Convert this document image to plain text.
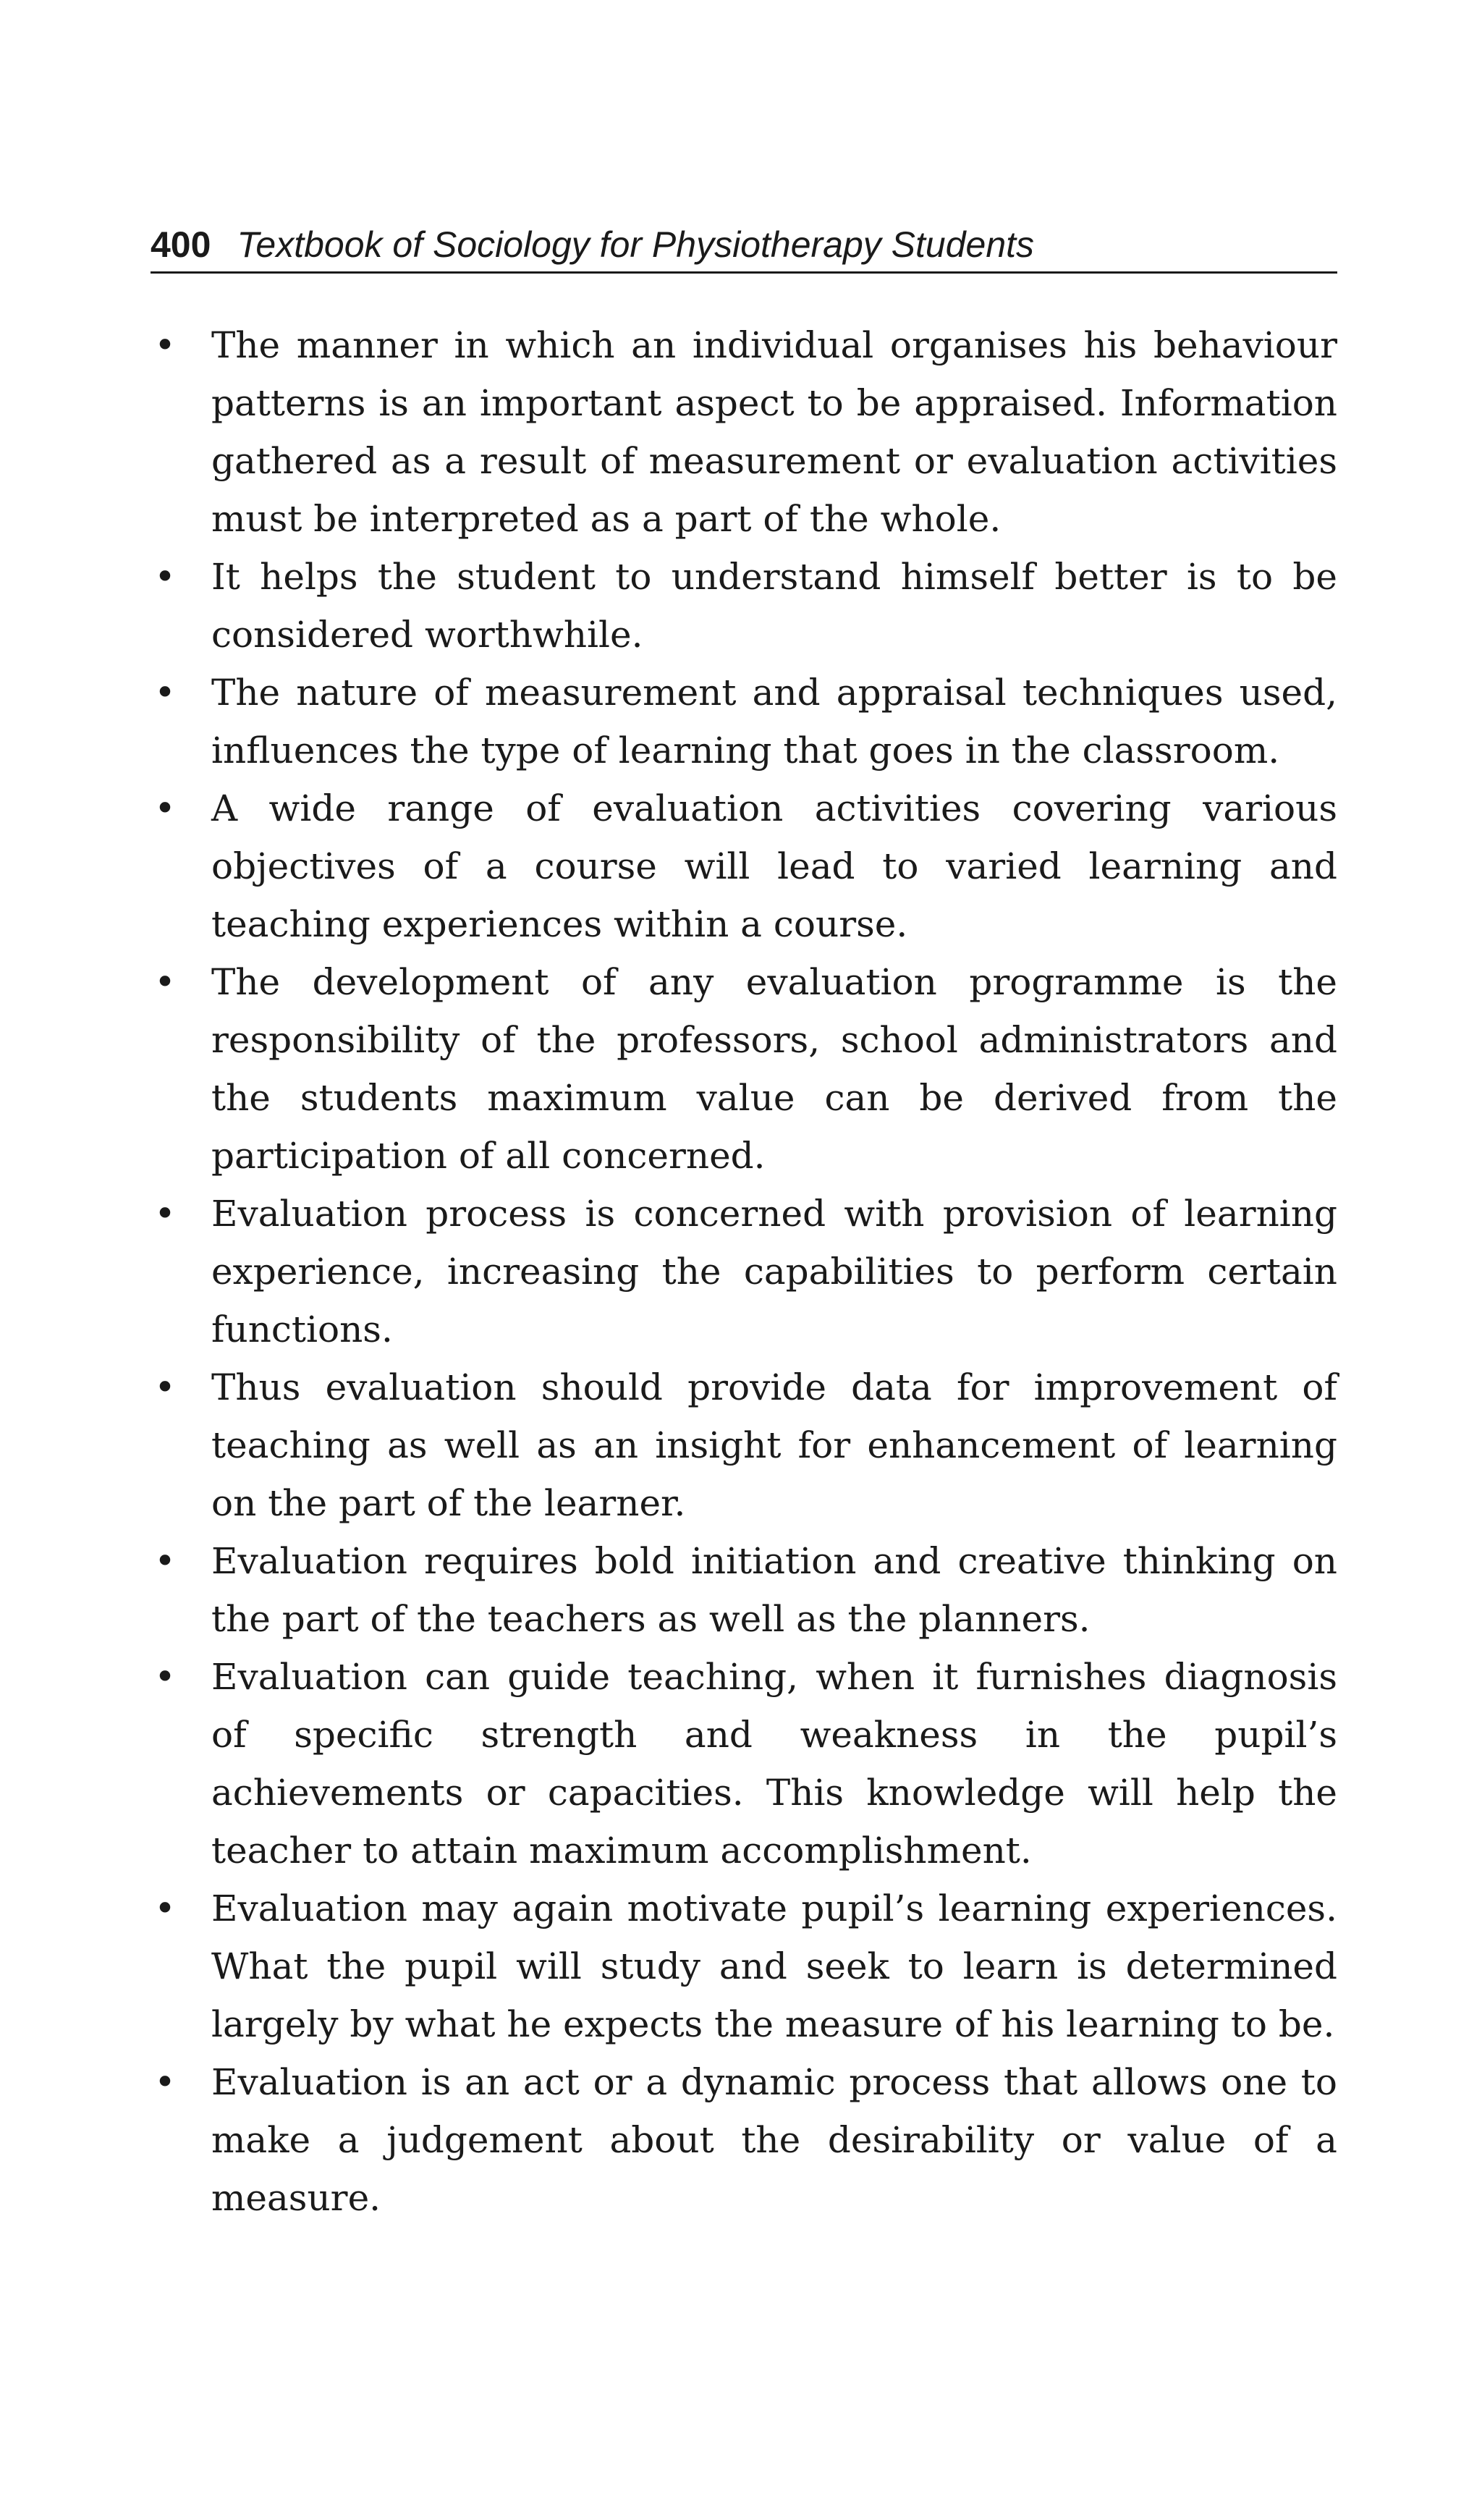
400 Textbook of Sociology for Physiotherapy Students
• The manner in which an individual organises his behaviour patterns is an important aspect to be appraised. Information gathered as a result of measurement or evaluation activities must be interpreted as a part of the whole.
• It helps the student to understand himself better is to be considered worthwhile.
• The nature of measurement and appraisal techniques used, influences the type of learning that goes in the classroom.
• A wide range of evaluation activities covering various objectives of a course will lead to varied learning and teaching experiences within a course.
• The development of any evaluation programme is the responsibility of the professors, school administrators and the students maximum value can be derived from the participation of all concerned.
• Evaluation process is concerned with provision of learning experience, increasing the capabilities to perform certain functions.
• Thus evaluation should provide data for improvement of teaching as well as an insight for enhancement of learning on the part of the learner.
• Evaluation requires bold initiation and creative thinking on the part of the teachers as well as the planners.
• Evaluation can guide teaching, when it furnishes diagnosis of specific strength and weakness in the pupil’s achievements or capacities. This knowledge will help the teacher to attain maximum accomplishment.
• Evaluation may again motivate pupil’s learning experiences. What the pupil will study and seek to learn is determined largely by what he expects the measure of his learning to be.
• Evaluation is an act or a dynamic process that allows one to make a judgement about the desirability or value of a measure.
